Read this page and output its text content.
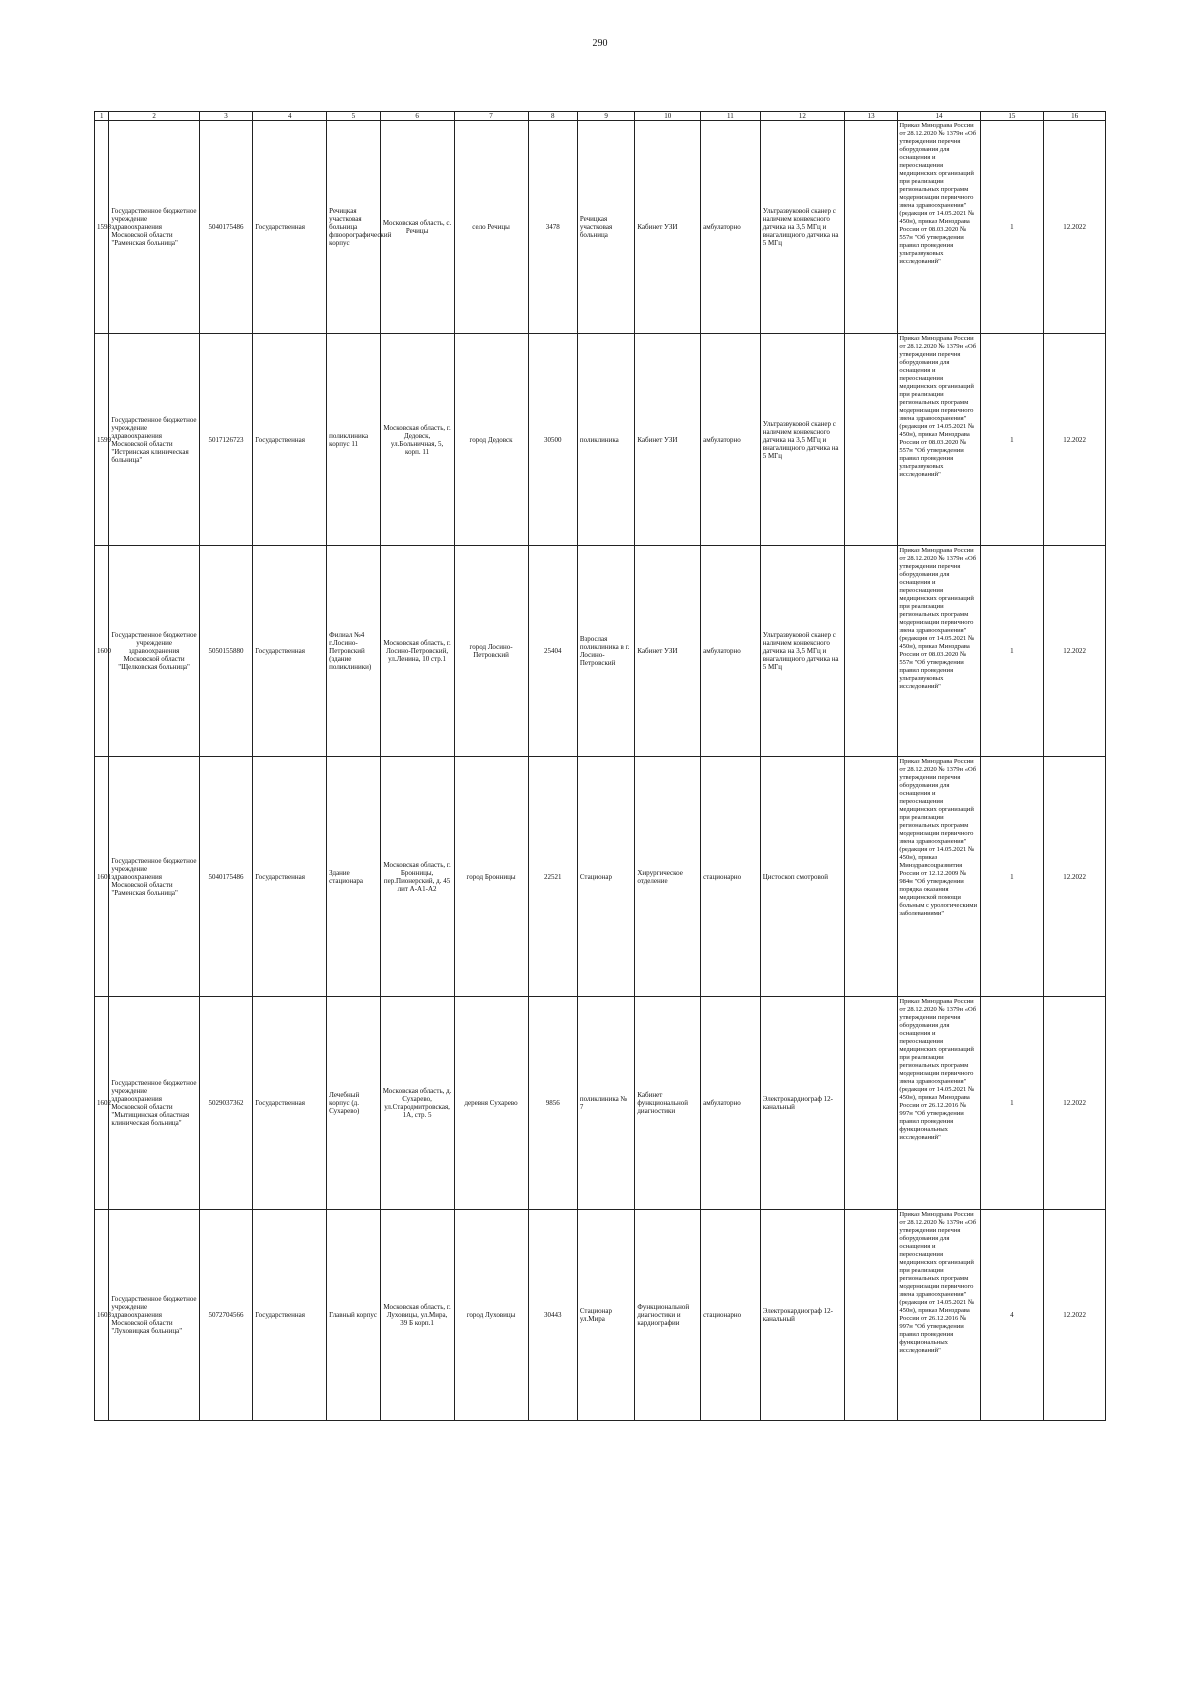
290
1	2	3	4	5	6	7	8	9	10	11	12	13	14	15	16
1598	Государственное бюджетное учреждение здравоохранения Московской области "Раменская больница"	5040175486	Государственная	Речицкая участковая больница флюорографический корпус	Московская область, с. Речицы	село Речицы	3478	Речицкая участковая больница	Кабинет УЗИ	амбулаторно	Ультразвуковой сканер с наличием конвексного датчика на 3,5 МГц и внагалищного датчика на 5 МГц		Приказ Минздрава России от 28.12.2020 № 1379н «Об утверждении перечня оборудования для оснащения и переоснащения медицинских организаций при реализации региональных программ модернизации первичного звена здравоохранения"(редакция от 14.05.2021 № 450н), приказ Минздрава России от 08.03.2020 № 557н "Об утверждении правил проведения ультразвуковых исследований"	1	12.2022
1599	Государственное бюджетное учреждение здравоохранения Московской области "Истринская клиническая больница"	5017126723	Государственная	поликлиника корпус 11	Московская область, г. Дедовск, ул.Больничная, 5, корп. 11	город Дедовск	30500	поликлиника	Кабинет УЗИ	амбулаторно	Ультразвуковой сканер с наличием конвексного датчика на 3,5 МГц и внагалищного датчика на 5 МГц		Приказ Минздрава России от 28.12.2020 № 1379н «Об утверждении перечня оборудования для оснащения и переоснащения медицинских организаций при реализации региональных программ модернизации первичного звена здравоохранения"(редакция от 14.05.2021 № 450н), приказ Минздрава России от 08.03.2020 № 557н "Об утверждении правил проведения ультразвуковых исследований"	1	12.2022
1600	Государственное бюджетное учреждение здравоохранения Московской области "Щелковская больница"	5050155880	Государственная	Филиал №4 г.Лосино-Петровский (здание поликлиники)	Московская область, г. Лосино-Петровский, ул.Ленина, 10 стр.1	город Лосино-Петровский	25404	Взрослая поликлиника в г. Лосино-Петровский	Кабинет УЗИ	амбулаторно	Ультразвуковой сканер с наличием конвексного датчика на 3,5 МГц и внагалищного датчика на 5 МГц		Приказ Минздрава России от 28.12.2020 № 1379н «Об утверждении перечня оборудования для оснащения и переоснащения медицинских организаций при реализации региональных программ модернизации первичного звена здравоохранения"(редакция от 14.05.2021 № 450н), приказ Минздрава России от 08.03.2020 № 557н "Об утверждении правил проведения ультразвуковых исследований"	1	12.2022
1601	Государственное бюджетное учреждение здравоохранения Московской области "Раменская больница"	5040175486	Государственная	Здание стационара	Московская область, г. Бронницы, пер.Пионерский, д. 45 лит А-А1-А2	город Бронницы	22521	Стационар	Хирургическое отделение	стационарно	Цистоскоп смотровой		Приказ Минздрава России от 28.12.2020 № 1379н «Об утверждении перечня оборудования для оснащения и переоснащения медицинских организаций при реализации региональных программ модернизации первичного звена здравоохранения"(редакция от 14.05.2021 № 450н), приказ Минздравсоцразвития России от 12.12.2009 № 984н "Об утверждении порядка оказания медицинской помощи больным с урологическими заболеваниями"	1	12.2022
1602	Государственное бюджетное учреждение здравоохранения Московской области "Мытищинская областная клиническая больница"	5029037362	Государственная	Лечебный корпус (д. Сухарево)	Московская область, д. Сухарево, ул.Стародмитровская, 1А, стр. 5	деревня Сухарево	9856	поликлиника № 7	Кабинет функциональной диагностики	амбулаторно	Электрокардиограф 12-канальный		Приказ Минздрава России от 28.12.2020 № 1379н «Об утверждении перечня оборудования для оснащения и переоснащения медицинских организаций при реализации региональных программ модернизации первичного звена здравоохранения"(редакция от 14.05.2021 № 450н), приказ Минздрава России от 26.12.2016 № 997н "Об утверждении правил проведения функциональных исследований"	1	12.2022
1603	Государственное бюджетное учреждение здравоохранения Московской области "Луховицкая больница"	5072704566	Государственная	Главный корпус	Московская область, г. Луховицы, ул.Мира, 39 Б корп.1	город Луховицы	30443	Стационар ул.Мира	Функциональной диагностики и кардиографии	стационарно	Электрокардиограф 12-канальный		Приказ Минздрава России от 28.12.2020 № 1379н «Об утверждении перечня оборудования для оснащения и переоснащения медицинских организаций при реализации региональных программ модернизации первичного звена здравоохранения"(редакция от 14.05.2021 № 450н), приказ Минздрава России от 26.12.2016 № 997н "Об утверждении правил проведения функциональных исследований"	4	12.2022
